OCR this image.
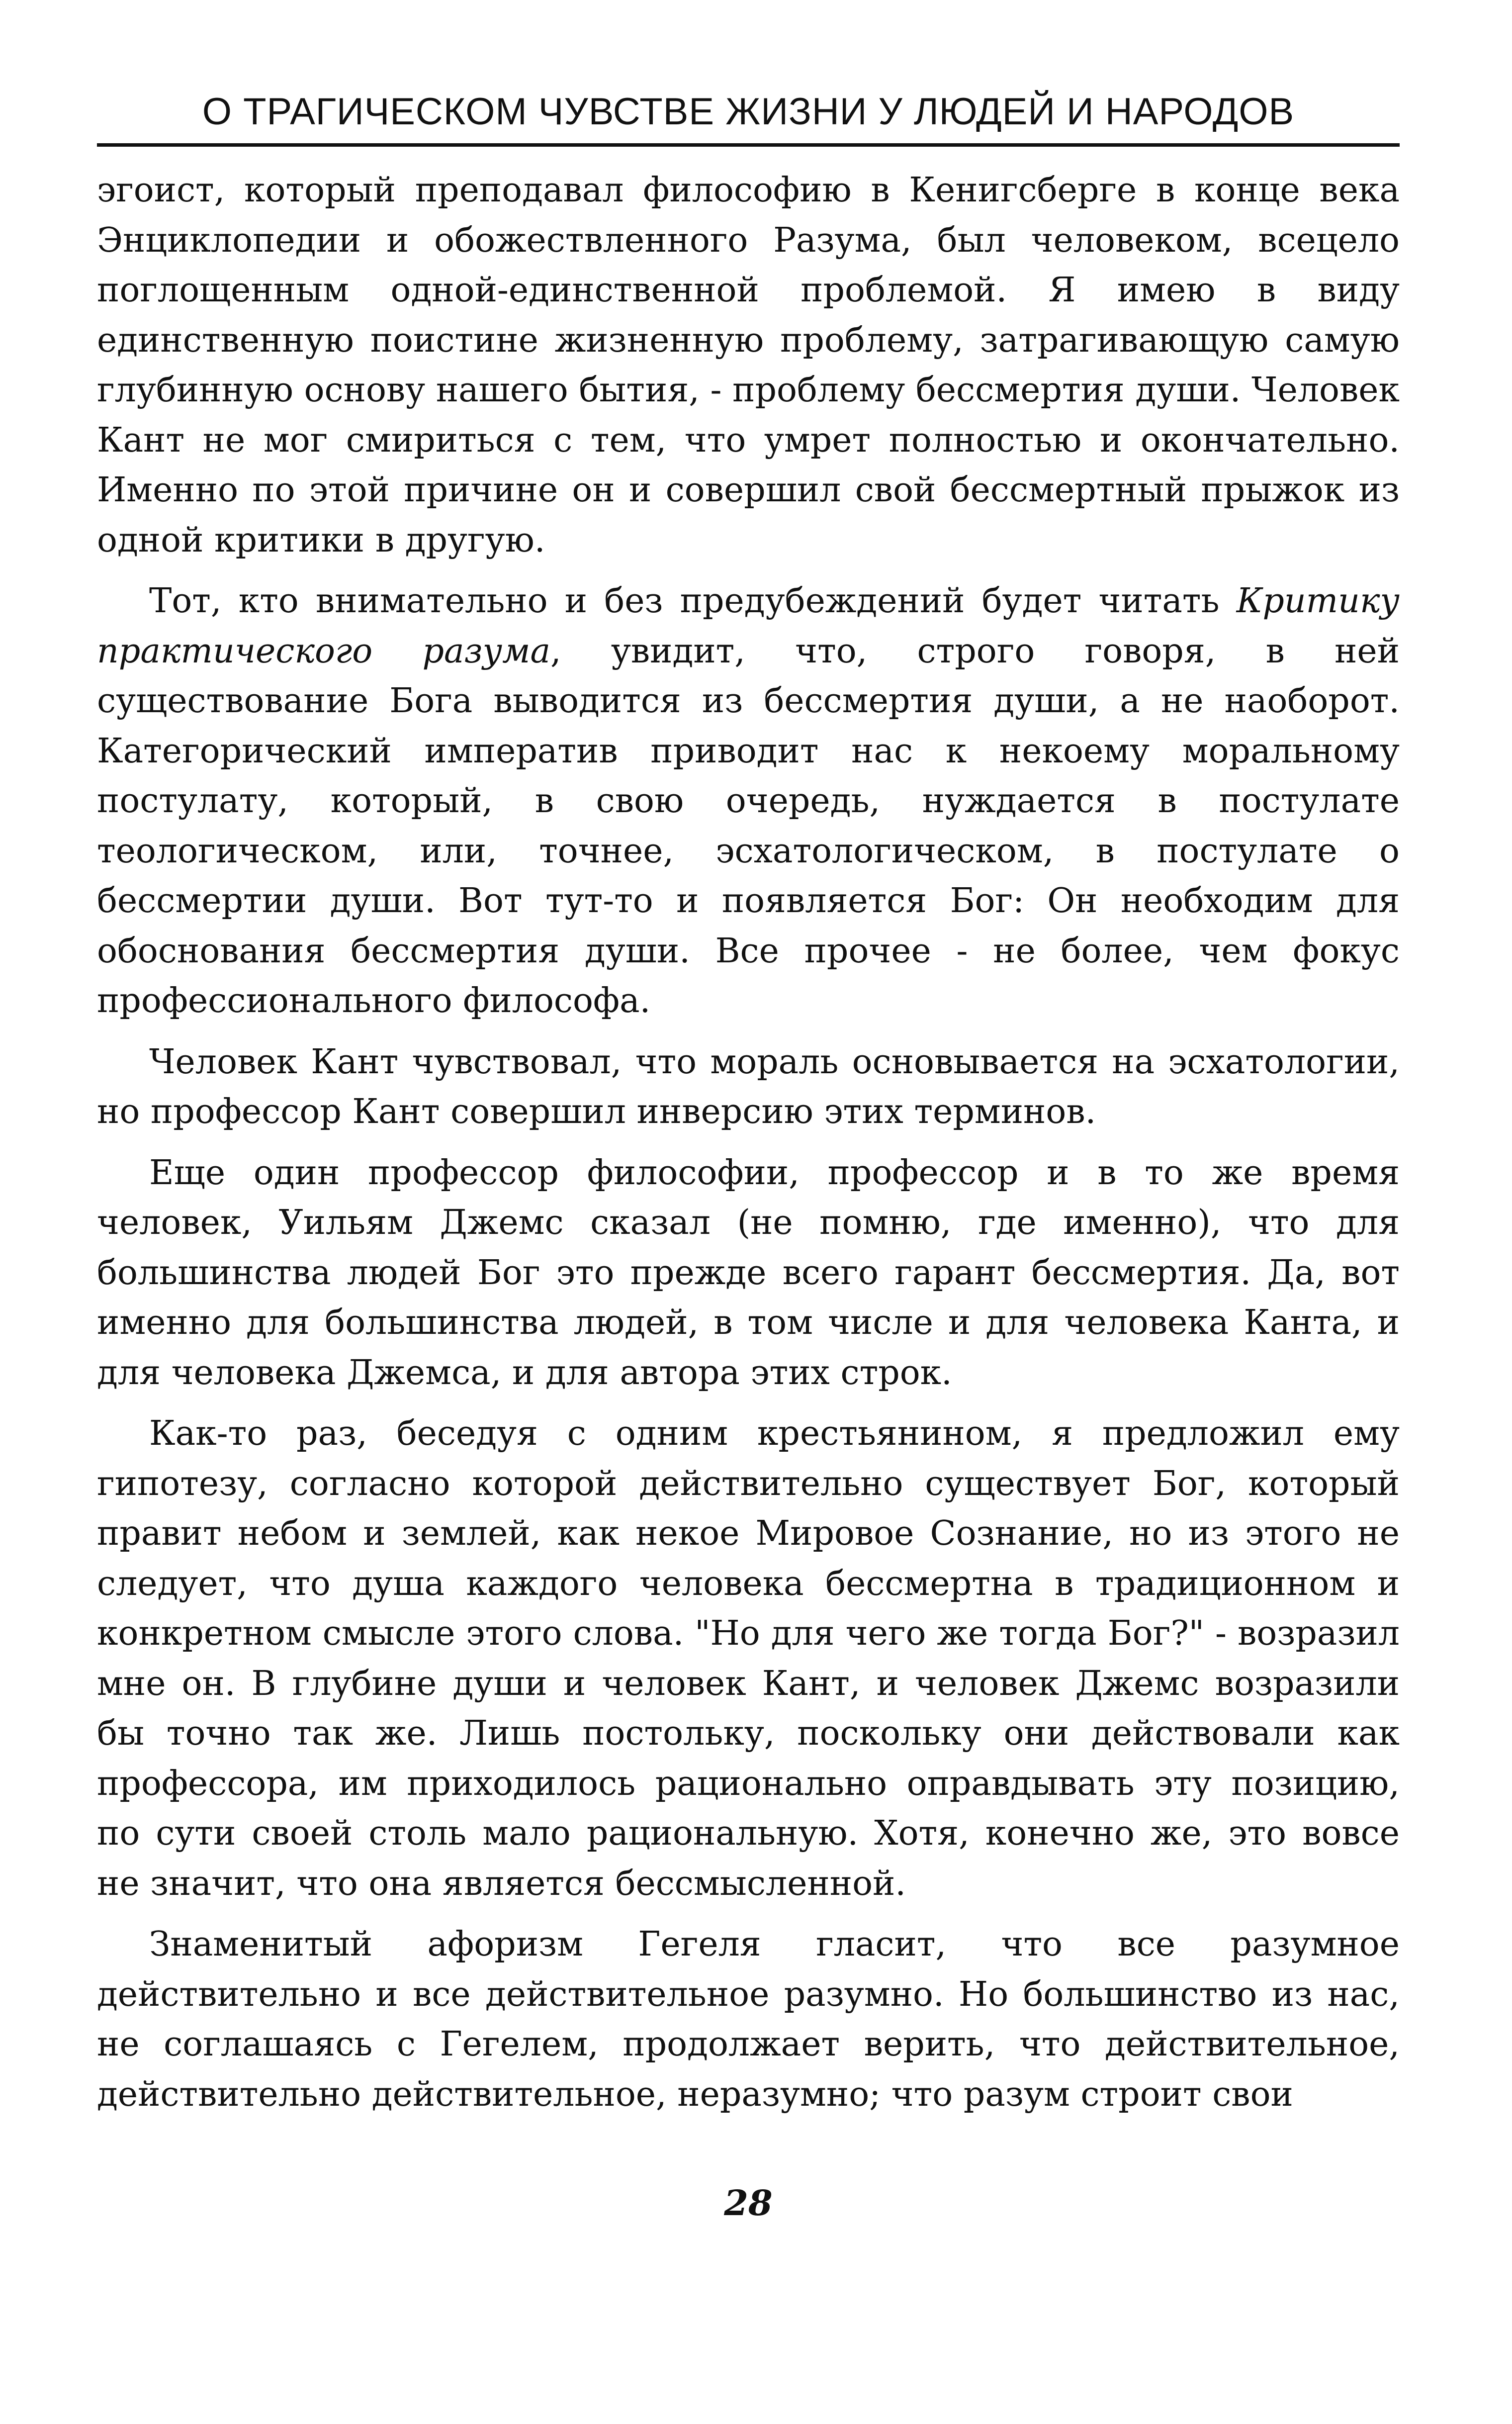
О ТРАГИЧЕСКОМ ЧУВСТВЕ ЖИЗНИ У ЛЮДЕЙ И НАРОДОВ

эгоист, который преподавал философию в Кенигсберге в конце века Энциклопедии и обожествленного Разума, был человеком, всецело поглощенным одной-единственной проблемой. Я имею в виду единственную поистине жизненную проблему, затрагивающую самую глубинную основу нашего бытия, - проблему бессмертия души. Человек Кант не мог смириться с тем, что умрет полностью и окончательно. Именно по этой причине он и совершил свой бессмертный прыжок из одной критики в другую.

Тот, кто внимательно и без предубеждений будет читать Критику практического разума, увидит, что, строго говоря, в ней существование Бога выводится из бессмертия души, а не наоборот. Категорический императив приводит нас к некоему моральному постулату, который, в свою очередь, нуждается в постулате теологическом, или, точнее, эсхатологическом, в постулате о бессмертии души. Вот тут-то и появляется Бог: Он необходим для обоснования бессмертия души. Все прочее - не более, чем фокус профессионального философа.

Человек Кант чувствовал, что мораль основывается на эсхатологии, но профессор Кант совершил инверсию этих терминов.

Еще один профессор философии, профессор и в то же время человек, Уильям Джемс сказал (не помню, где именно), что для большинства людей Бог это прежде всего гарант бессмертия. Да, вот именно для большинства людей, в том числе и для человека Канта, и для человека Джемса, и для автора этих строк.

Как-то раз, беседуя с одним крестьянином, я предложил ему гипотезу, согласно которой действительно существует Бог, который правит небом и землей, как некое Мировое Сознание, но из этого не следует, что душа каждого человека бессмертна в традиционном и конкретном смысле этого слова. "Но для чего же тогда Бог?" - возразил мне он. В глубине души и человек Кант, и человек Джемс возразили бы точно так же. Лишь постольку, поскольку они действовали как профессора, им приходилось рационально оправдывать эту позицию, по сути своей столь мало рациональную. Хотя, конечно же, это вовсе не значит, что она является бессмысленной.

Знаменитый афоризм Гегеля гласит, что все разумное действительно и все действительное разумно. Но большинство из нас, не соглашаясь с Гегелем, продолжает верить, что действительное, действительно действительное, неразумно; что разум строит свои

28
